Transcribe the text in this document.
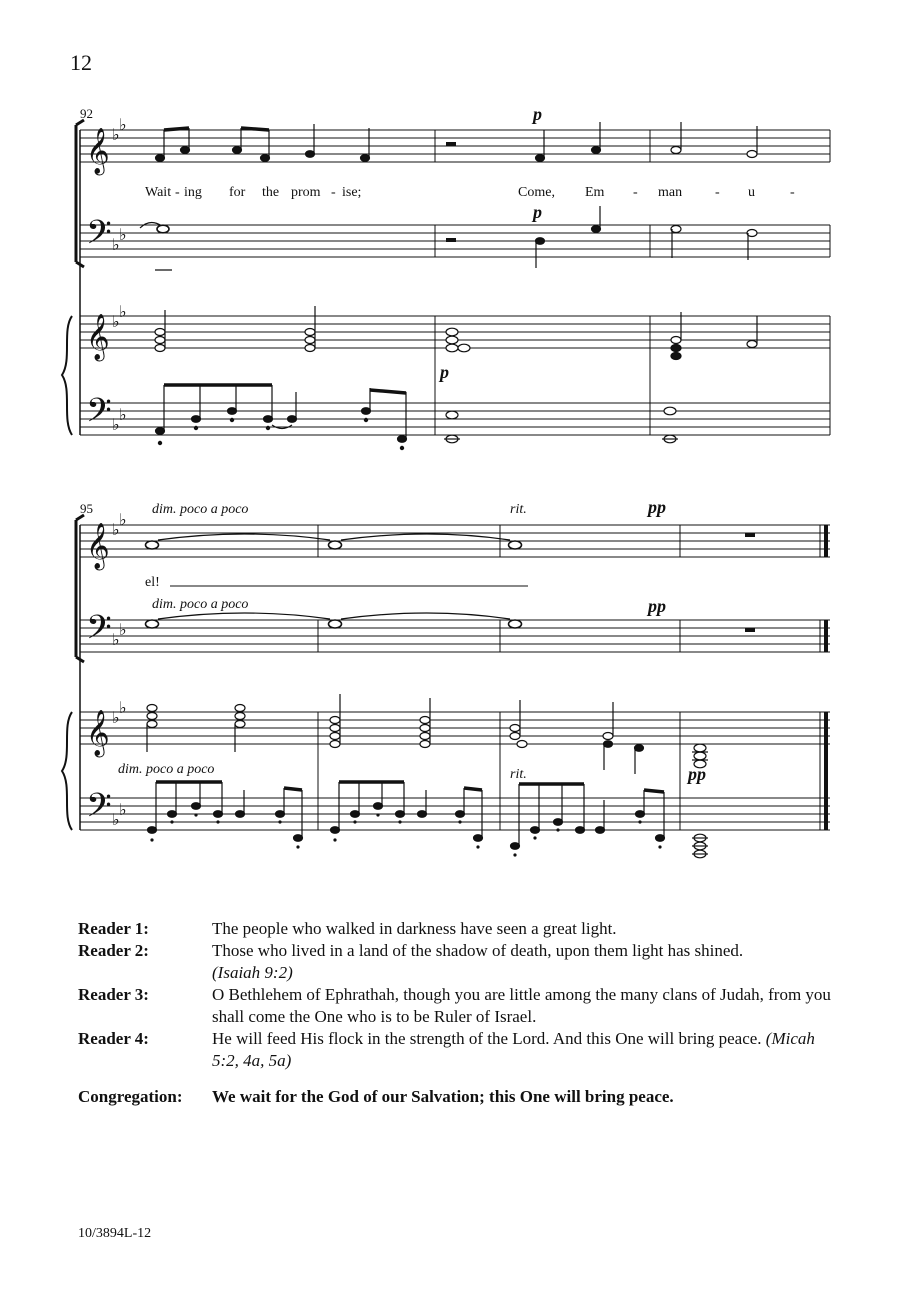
12
𝄞
𝄢
𝄞
𝄢
♭
♭
♭
♭
♭
♭
♭
♭
92	p
Wait - ing for the prom - ise;	Come, Em - man - u	-
p
p
𝄞
𝄢
𝄞
𝄢
♭
♭
♭
♭
♭
♭
♭
♭
95	dim. poco a poco	rit.	pp
el!
dim. poco a poco	pp
rit.	pp
dim. poco a poco
Reader 1:	The people who walked in darkness have seen a great light.
Reader 2:	Those who lived in a land of the shadow of death, upon them light has shined.
(Isaiah 9:2)
Reader 3:	O Bethlehem of Ephrathah, though you are little among the many clans of Judah, from you shall come the One who is to be Ruler of Israel.
Reader 4:	He will feed His flock in the strength of the Lord. And this One will bring peace. (Micah 5:2, 4a, 5a)
Congregation:	We wait for the God of our Salvation; this One will bring peace.
10/3894L-12
